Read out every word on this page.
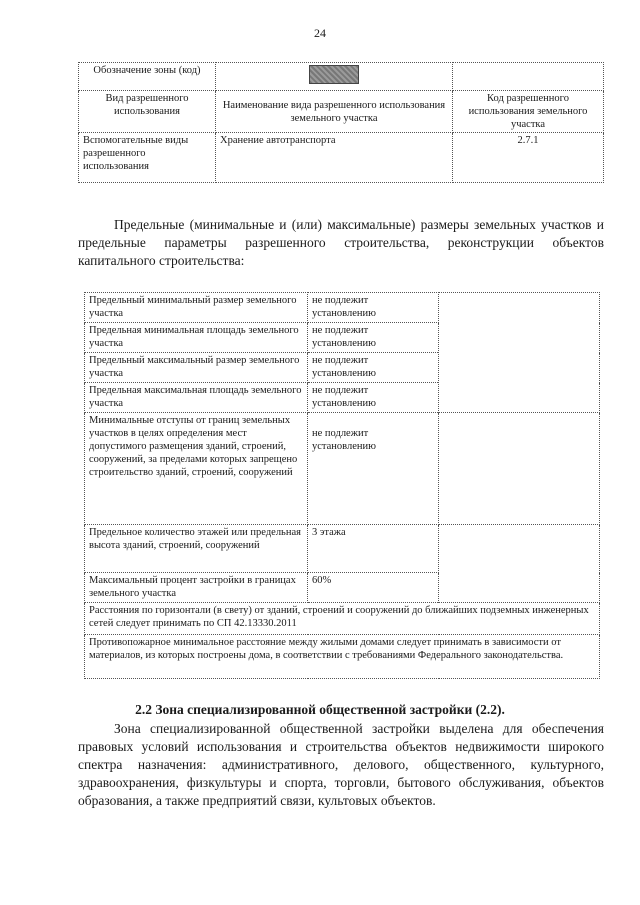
24
Обозначение зоны (код)		
Вид разрешенного использования	Наименование вида разрешенного использования земельного участка	Код разрешенного использования земельного участка
Вспомогательные виды разрешенного использования	Хранение автотранспорта	2.7.1
Предельные (минимальные и (или) максимальные) размеры земельных участков и предельные параметры разрешенного строительства, реконструкции объектов капитального строительства:
Предельный минимальный размер земельного участка	не подлежит установлению	
Предельная минимальная площадь земельного участка	не подлежит установлению	
Предельный максимальный размер земельного участка	не подлежит установлению	
Предельная максимальная площадь земельного участка	не подлежит установлению	
Минимальные отступы от границ земельных участков в целях определения мест допустимого размещения зданий, строений, сооружений, за пределами которых запрещено строительство зданий, строений, сооружений	не подлежит установлению	
Предельное количество этажей или предельная высота зданий, строений, сооружений	3 этажа	
Максимальный процент застройки в границах земельного участка	60%	
Расстояния по горизонтали (в свету) от зданий, строений и сооружений до ближайших подземных инженерных сетей следует принимать по СП 42.13330.2011		
Противопожарное минимальное расстояние между жилыми домами следует принимать в зависимости от материалов, из которых построены дома, в соответствии с требованиями Федерального законодательства.		
2.2 Зона специализированной общественной застройки (2.2).
Зона специализированной общественной застройки выделена для обеспечения правовых условий использования и строительства объектов недвижимости широкого спектра назначения: административного, делового, общественного, культурного, здравоохранения, физкультуры и спорта, торговли, бытового обслуживания, объектов образования, а также предприятий связи, культовых объектов.
